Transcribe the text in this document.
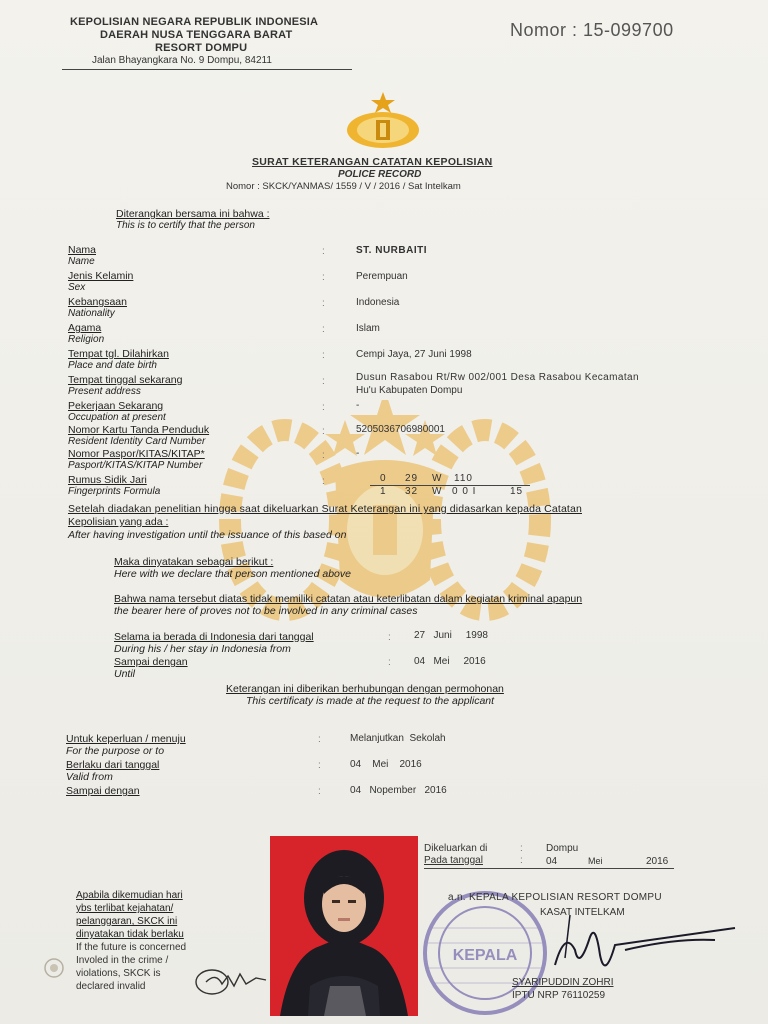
KEPOLISIAN NEGARA REPUBLIK INDONESIA
DAERAH NUSA TENGGARA BARAT
RESORT DOMPU
Jalan Bhayangkara No. 9 Dompu, 84211
Nomor : 15-099700
SURAT KETERANGAN CATATAN KEPOLISIAN
POLICE RECORD
Nomor : SKCK/YANMAS/ 1559 / V / 2016 / Sat Intelkam
Diterangkan bersama ini bahwa :
This is to certify that the person
Nama
Name
:	ST. NURBAITI
Jenis Kelamin
Sex
:	Perempuan
Kebangsaan
Nationality
:	Indonesia
Agama
Religion
:	Islam
Tempat tgl. Dilahirkan
Place and date birth
:	Cempi Jaya, 27 Juni 1998
Tempat tinggal sekarang
Present address
:	Dusun Rasabou Rt/Rw 002/001 Desa Rasabou Kecamatan
Hu'u Kabupaten Dompu
Pekerjaan Sekarang
Occupation at present
:	-
Nomor Kartu Tanda Penduduk
Resident Identity Card Number
:	5205036706980001
Nomor Paspor/KITAS/KITAP*
Pasport/KITAS/KITAP Number
:	-
Rumus Sidik Jari
Fingerprints Formula
:	0 29 W 110
1 32 W 0 0 I	15
Setelah diadakan penelitian hingga saat dikeluarkan Surat Keterangan ini yang didasarkan kepada Catatan
Kepolisian yang ada :
After having investigation until the issuance of this based on
Maka dinyatakan sebagai berikut :
Here with we declare that person mentioned above
Bahwa nama tersebut diatas tidak memiliki catatan atau keterlibatan dalam kegiatan kriminal apapun
the bearer here of proves not to be involved in any criminal cases
Selama ia berada di Indonesia dari tanggal
During his / her stay in Indonesia from
: 27   Juni     1998
Sampai dengan
Until
: 04   Mei     2016
Keterangan ini diberikan berhubungan dengan permohonan
This certificaty is made at the request to the applicant
Untuk keperluan / menuju
For the purpose or to
:	Melanjutkan  Sekolah
Berlaku dari tanggal
Valid from
:	04    Mei    2016
Sampai dengan	:	04   Nopember   2016
Dikeluarkan di	: Dompu
Pada tanggal	: 04	Mei	2016
KEPALA
a.n. KEPALA KEPOLISIAN RESORT DOMPU
KASAT INTELKAM
SYARIPUDDIN ZOHRI
IPTU NRP 76110259
Apabila dikemudian hari
ybs terlibat kejahatan/
pelanggaran, SKCK ini
dinyatakan tidak berlaku
If the future is concerned
Involed in the crime /
violations, SKCK is
declared invalid
